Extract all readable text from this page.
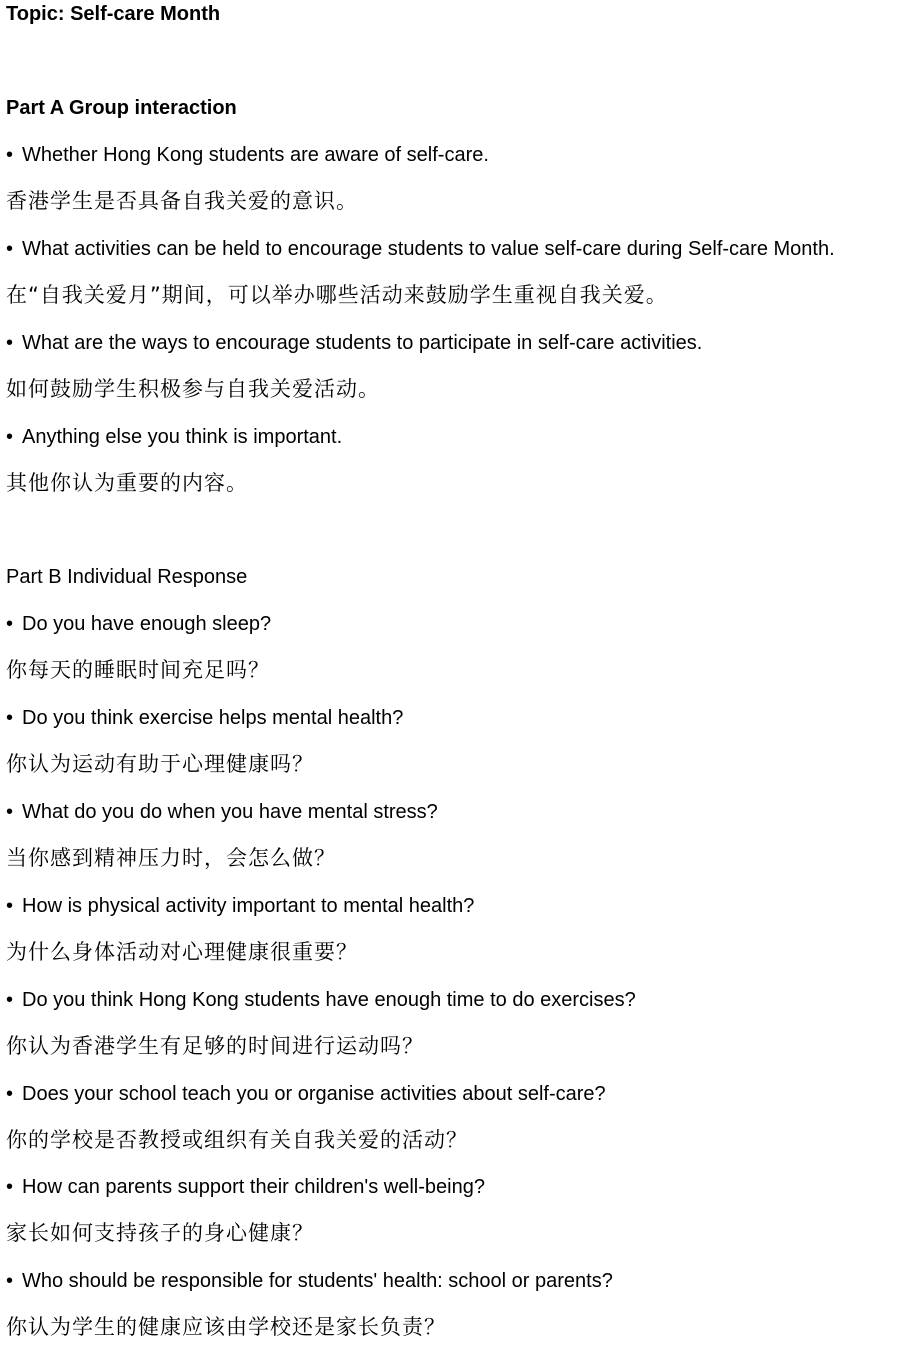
Topic: Self-care Month
Part A Group interaction
• Whether Hong Kong students are aware of self-care.
香港学生是否具备自我关爱的意识。
• What activities can be held to encourage students to value self-care during Self-care Month.
在“自我关爱月”期间，可以举办哪些活动来鼓励学生重视自我关爱。
• What are the ways to encourage students to participate in self-care activities.
如何鼓励学生积极参与自我关爱活动。
• Anything else you think is important.
其他你认为重要的内容。
Part B Individual Response
• Do you have enough sleep?
你每天的睡眠时间充足吗？
• Do you think exercise helps mental health?
你认为运动有助于心理健康吗？
• What do you do when you have mental stress?
当你感到精神压力时，会怎么做？
• How is physical activity important to mental health?
为什么身体活动对心理健康很重要？
• Do you think Hong Kong students have enough time to do exercises?
你认为香港学生有足够的时间进行运动吗？
• Does your school teach you or organise activities about self-care?
你的学校是否教授或组织有关自我关爱的活动？
• How can parents support their children's well-being?
家长如何支持孩子的身心健康？
• Who should be responsible for students' health: school or parents?
你认为学生的健康应该由学校还是家长负责？
